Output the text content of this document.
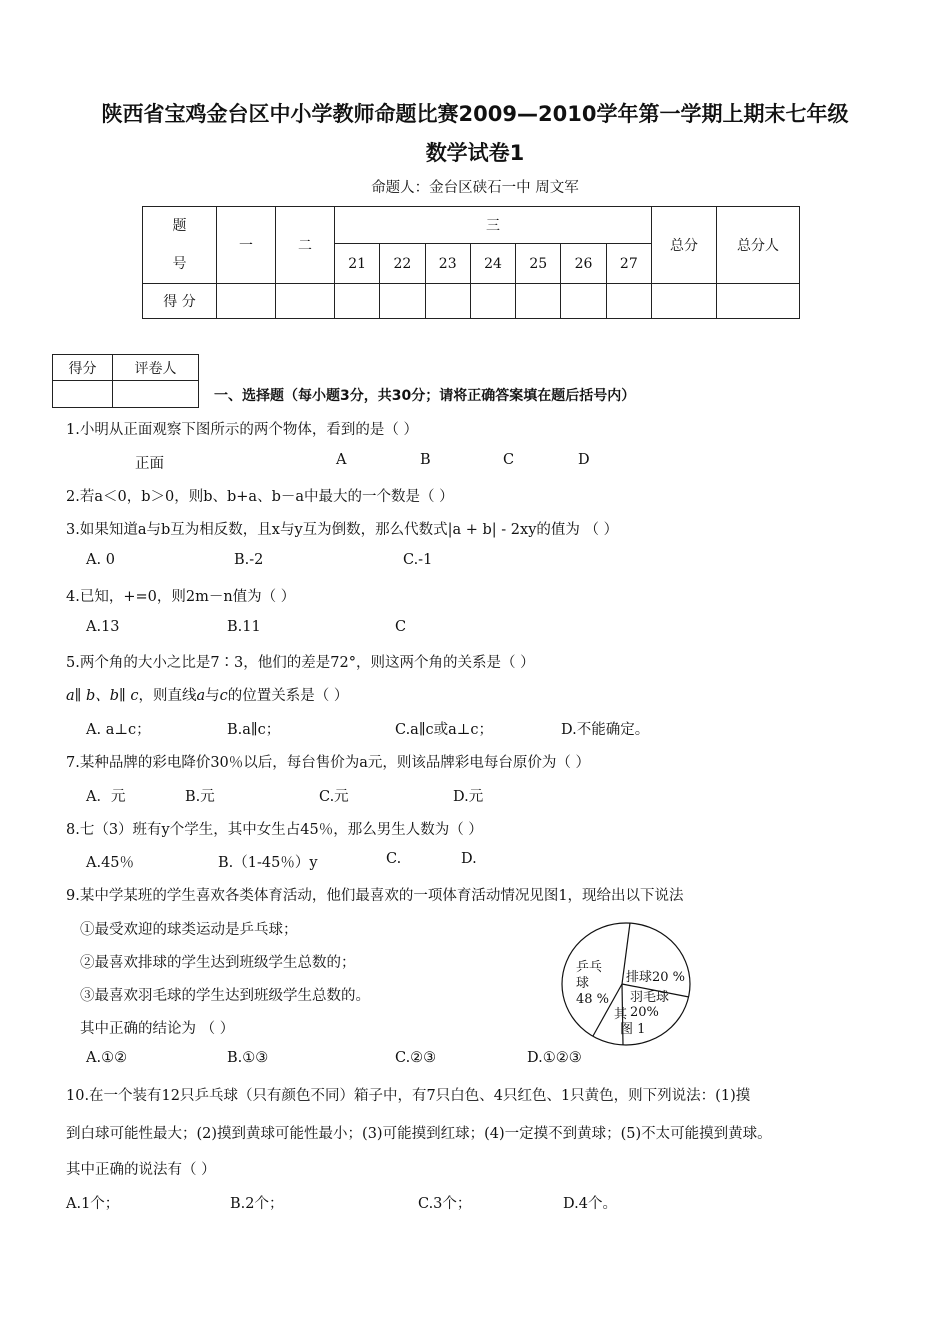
陕西省宝鸡金台区中小学教师命题比赛2009—2010学年第一学期上期末七年级
数学试卷1
命题人：金台区硖石一中 周文军
题
号	一	二	三							总分	总分人
			21	22	23	24	25	26	27		
得 分											
得分	评卷人

一、选择题（每小题3分，共30分；请将正确答案填在题后括号内）
1.小明从正面观察下图所示的两个物体，看到的是（ ）
正面	A	B	C	D
2.若a＜0，b＞0，则b、b+a、b－a中最大的一个数是（ ）
3.如果知道a与b互为相反数，且x与y互为倒数，那么代数式|a + b| - 2xy的值为 （ ）
A. 0	B.-2	C.-1
4.已知，+=0，则2m－n值为（ ）
A.13	B.11	C
5.两个角的大小之比是7∶3，他们的差是72°，则这两个角的关系是（ ）
a∥ b、b∥ c，则直线a与c的位置关系是（ ）
A. a⊥c；	B.a∥c；	C.a∥c或a⊥c；	D.不能确定。
7.某种品牌的彩电降价30％以后，每台售价为a元，则该品牌彩电每台原价为（ ）
A．元	B.元	C.元	D.元
8.七（3）班有y个学生，其中女生占45％，那么男生人数为（ ）
A.45％	B.（1-45％）y	C.	D.
9.某中学某班的学生喜欢各类体育活动，他们最喜欢的一项体育活动情况见图1，现给出以下说法
①最受欢迎的球类运动是乒乓球；
②最喜欢排球的学生达到班级学生总数的；
③最喜欢羽毛球的学生达到班级学生总数的。
其中正确的结论为 （ ）
A.①②	B.①③	C.②③	D.①②③
乒乓
球
48 %
排球20 %
羽毛球
20%
其
图 1
10.在一个装有12只乒乓球（只有颜色不同）箱子中，有7只白色、4只红色、1只黄色，则下列说法：(1)摸
到白球可能性最大；(2)摸到黄球可能性最小；(3)可能摸到红球；(4)一定摸不到黄球；(5)不太可能摸到黄球。
其中正确的说法有（ ）
A.1个；	B.2个；	C.3个；	D.4个。
